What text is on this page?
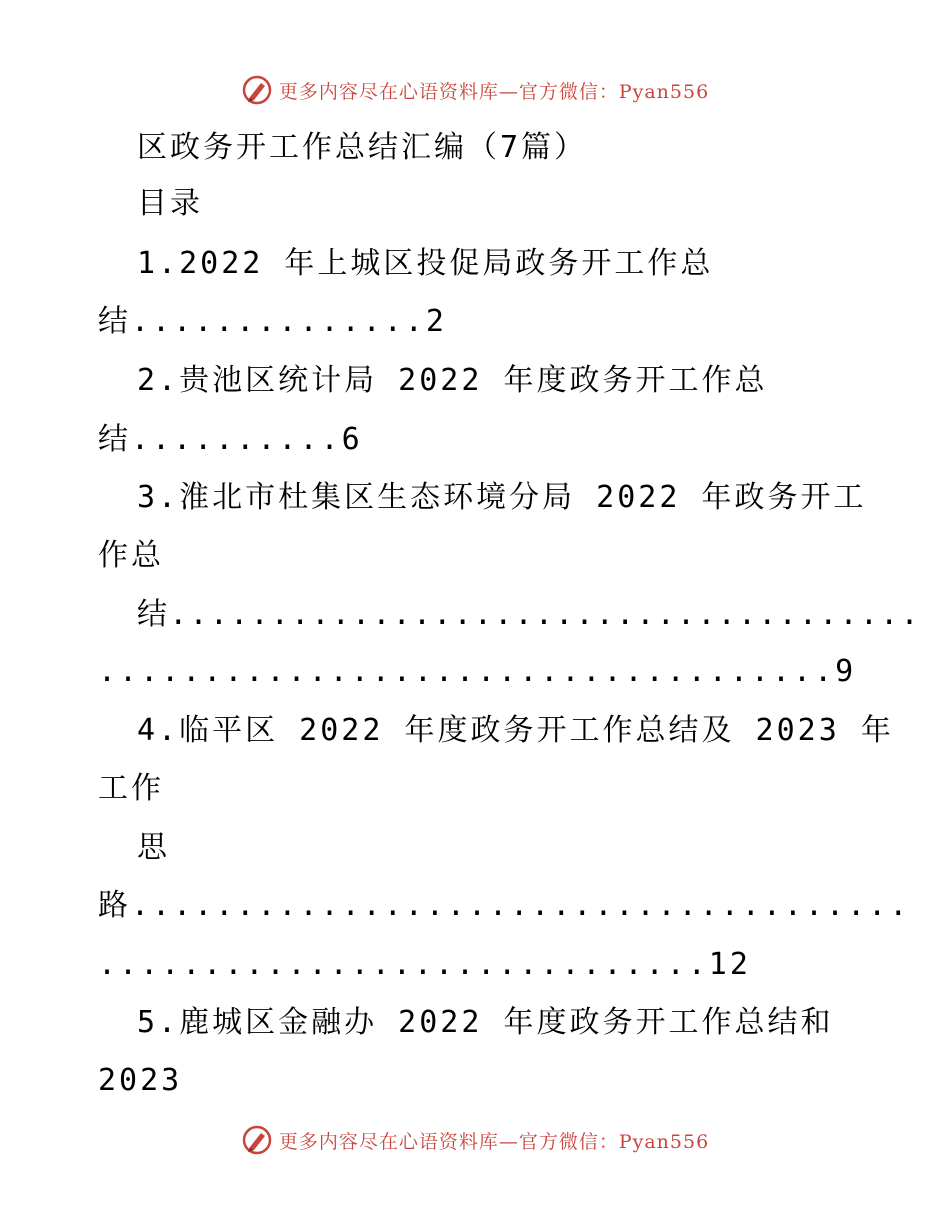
更多内容尽在心语资料库—官方微信：Pyan556
区政务开工作总结汇编（7篇）
目录
1.2022 年上城区投促局政务开工作总
结..............2
2.贵池区统计局 2022 年度政务开工作总
结..........6
3.淮北市杜集区生态环境分局 2022 年政务开工
作总
结.....................................
...................................9
4.临平区 2022 年度政务开工作总结及 2023 年
工作
思
路.....................................
.............................12
5.鹿城区金融办 2022 年度政务开工作总结和
2023
更多内容尽在心语资料库—官方微信：Pyan556
